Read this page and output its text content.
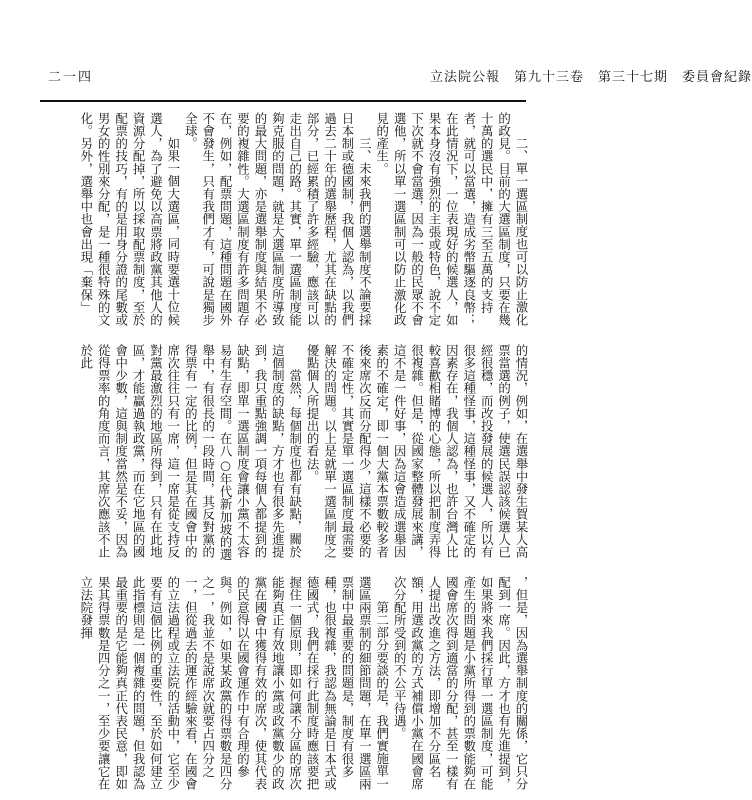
立法院公報　第九十三卷　第三十七期　委員會紀錄
二一四

二、單一選區制度也可以防止激化的政見。目前的大選區制度，只要在幾十萬的選民中，擁有三至五萬的支持者，就可以當選，造成劣幣驅逐良幣；在此情況下，一位表現好的候選人，如果本身沒有強烈的主張或特色，說不定下次就不會當選，因為一般的民眾不會選他，所以單一選區制可以防止激化政見的產生。

三、未來我們的選舉制度不論要採日本制或德國制，我個人認為，以我們過去二十年的選舉歷程，尤其在缺點的部分，已經累積了許多經驗，應該可以走出自己的路。其實，單一選區制度能夠克服的問題，就是大選區制度所導致的最大問題，亦是選舉制度與結果不必要的複雜性。大選區制度有許多問題存在，例如，配票問題，這種問題在國外不會發生，只有我們才有，可說是獨步全球。

如果一個大選區，同時要選十位候選人，為了避免以高票將政黨其他人的資源分配掉，所以採取配票制度，至於配票的技巧，有的是用身分證的尾數或男女的性別來分配，是一種很特殊的文化。另外，選舉中也會出現「棄保」

的情況，例如，在選舉中發生賀某人高票當選的例子，使選民誤認該候選人已經很穩，而改投發展的候選人，所以有很多這種怪事，這種怪事，又不確定的因素存在，我個人認為，也許台灣人比較喜歡相賭博的心態，所以把制度弄得很複雜。但是，從國家整體發展來講，這不是一件好事，因為這會造成選舉因素的不確定，即一個大黨本票數較多者後來席次反而分配得少，這樣不必要的不確定性，其實是單一選區制度最需要解決的問題。以上是就單一選區制度之優點個人所提出的看法。

當然，每個制度也都有缺點，關於這個制度的缺點，方才也有很多先進提到，我只重點強調一項每個人都提到的缺點，即單一選區制度會讓小黨不太容易有生存空間。在八○年代新加坡的選舉中，有很長的一段時間，其反對黨的得票有一定的比例，但是其在國會中的席次往往只有一席，這一席是從支持反對黨最激烈的地區所得到，只有在此地區，才能贏過執政黨，而在它地區的國會中少數，這與制度當然是不妥，因為從得票率的角度而言，其席次應該不止於此

，但是，因為選舉制度的關係，它只分配到一席。因此，方才也有先進提到，如果將來我們採行單一選區制度，可能產生的問題是小黨所得到的票數能夠在國會席次得到適當的分配，甚至一樣有人提出改進之方法，即增加不分區名額，用選政黨的方式補償小黨在國會席次分配所受到的不公平待遇。

第二部分要談的是，我們實施單一選區兩票制的細節問題，在單一選區兩票制中最重要的問題是，制度有很多種，也很複雜，我認為無論是日本式或德國式，我們在採行此制度時應該要把握住一個原則，即如何讓不分區的席次能夠真正有效地讓小黨或政黨數少的政黨在國會中獲得有效的席次，使其代表的民意得以在國會運作中有合理的參與。例如，如果某政黨的得票數是四分之一，我並不是說席次就要占四分之一，但從過去的運作經驗來看，在國會的立法過程或立法院的活動中，它至少要有這個比例的重要性，至於如何建立此指標則是一個複雜的問題，但我認為最重要的是它能夠真正代表民意，即如果其得票數是四分之一，至少要讓它在立法院發揮
